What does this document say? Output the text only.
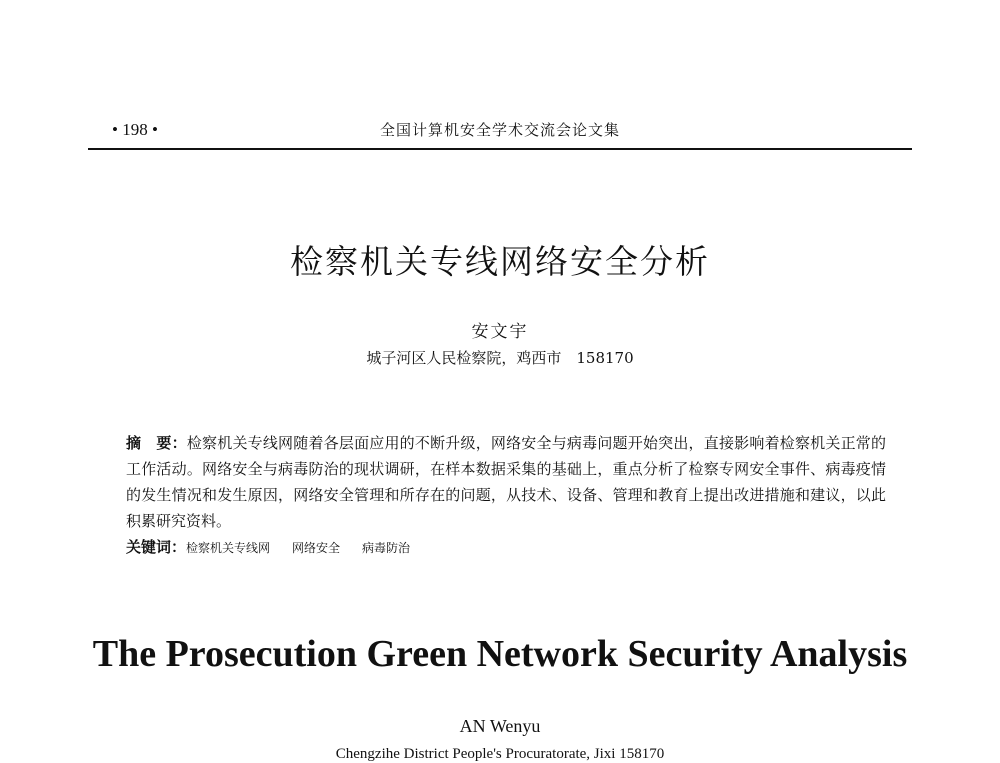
• 198 •	全国计算机安全学术交流会论文集
检察机关专线网络安全分析
安文宇
城子河区人民检察院，鸡西市　158170
摘　要：检察机关专线网随着各层面应用的不断升级，网络安全与病毒问题开始突出，直接影响着检察机关正常的工作活动。网络安全与病毒防治的现状调研，在样本数据采集的基础上，重点分析了检察专网安全事件、病毒疫情的发生情况和发生原因，网络安全管理和所存在的问题，从技术、设备、管理和教育上提出改进措施和建议，以此积累研究资料。
关键词：检察机关专线网 网络安全 病毒防治
The Prosecution Green Network Security Analysis
AN Wenyu
Chengzihe District People's Procuratorate, Jixi 158170
